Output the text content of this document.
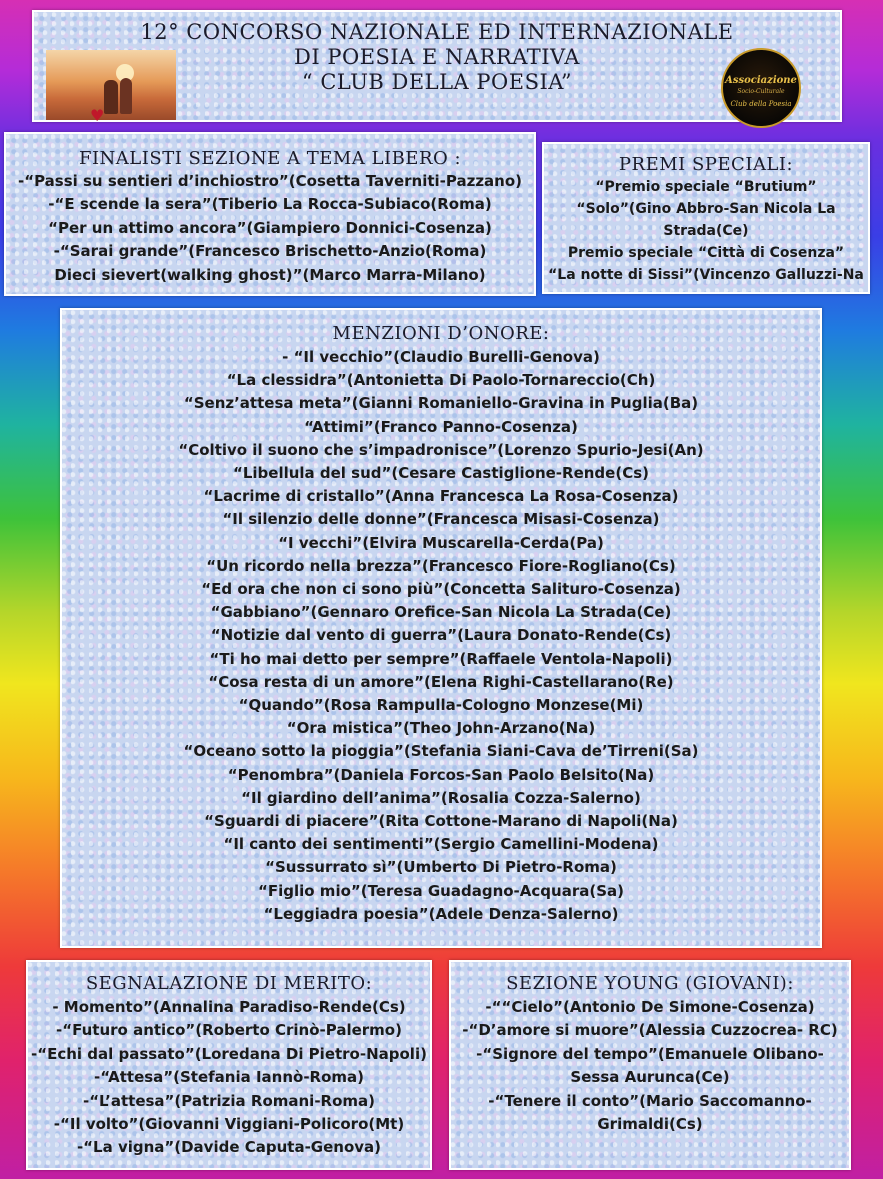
12° CONCORSO NAZIONALE ED INTERNAZIONALE
DI POESIA E NARRATIVA
“ CLUB DELLA POESIA”
♥
Associazione
Socio-Culturale
Club della Poesia
FINALISTI SEZIONE A TEMA LIBERO :
-“Passi su sentieri d’inchiostro”(Cosetta Taverniti-Pazzano)
-“E scende la sera”(Tiberio La Rocca-Subiaco(Roma)
“Per un attimo ancora”(Giampiero Donnici-Cosenza)
-“Sarai grande”(Francesco Brischetto-Anzio(Roma)
Dieci sievert(walking ghost)”(Marco Marra-Milano)
PREMI SPECIALI:
“Premio speciale “Brutium”
“Solo”(Gino Abbro-San Nicola La
Strada(Ce)
Premio speciale “Città di Cosenza”
“La notte di Sissi”(Vincenzo Galluzzi-Na
MENZIONI D’ONORE:
- “Il vecchio”(Claudio Burelli-Genova)
“La clessidra”(Antonietta Di Paolo-Tornareccio(Ch)
“Senz’attesa meta”(Gianni Romaniello-Gravina in Puglia(Ba)
“Attimi”(Franco Panno-Cosenza)
“Coltivo il suono che s’impadronisce”(Lorenzo Spurio-Jesi(An)
“Libellula del sud”(Cesare Castiglione-Rende(Cs)
“Lacrime di cristallo”(Anna Francesca La Rosa-Cosenza)
“Il silenzio delle donne”(Francesca Misasi-Cosenza)
“I vecchi”(Elvira Muscarella-Cerda(Pa)
“Un ricordo nella brezza”(Francesco Fiore-Rogliano(Cs)
“Ed ora che non ci sono più”(Concetta Salituro-Cosenza)
“Gabbiano”(Gennaro Orefice-San Nicola La Strada(Ce)
“Notizie dal vento di guerra”(Laura Donato-Rende(Cs)
“Ti ho mai detto per sempre”(Raffaele Ventola-Napoli)
“Cosa resta di un amore”(Elena Righi-Castellarano(Re)
“Quando”(Rosa Rampulla-Cologno Monzese(Mi)
“Ora mistica”(Theo John-Arzano(Na)
“Oceano sotto la pioggia”(Stefania Siani-Cava de’Tirreni(Sa)
“Penombra”(Daniela Forcos-San Paolo Belsito(Na)
“Il giardino dell’anima”(Rosalia Cozza-Salerno)
“Sguardi di piacere”(Rita Cottone-Marano di Napoli(Na)
“Il canto dei sentimenti”(Sergio Camellini-Modena)
“Sussurrato sì”(Umberto Di Pietro-Roma)
“Figlio mio”(Teresa Guadagno-Acquara(Sa)
“Leggiadra poesia”(Adele Denza-Salerno)
SEGNALAZIONE DI MERITO:
- Momento”(Annalina Paradiso-Rende(Cs)
-“Futuro antico”(Roberto Crinò-Palermo)
-“Echi dal passato”(Loredana Di Pietro-Napoli)
-“Attesa”(Stefania Iannò-Roma)
-“L’attesa”(Patrizia Romani-Roma)
-“Il volto”(Giovanni Viggiani-Policoro(Mt)
-“La vigna”(Davide Caputa-Genova)
SEZIONE YOUNG (GIOVANI):
-““Cielo”(Antonio De Simone-Cosenza)
-“D’amore si muore”(Alessia Cuzzocrea- RC)
-“Signore del tempo”(Emanuele Olibano-
Sessa Aurunca(Ce)
-“Tenere il conto”(Mario Saccomanno-
Grimaldi(Cs)
